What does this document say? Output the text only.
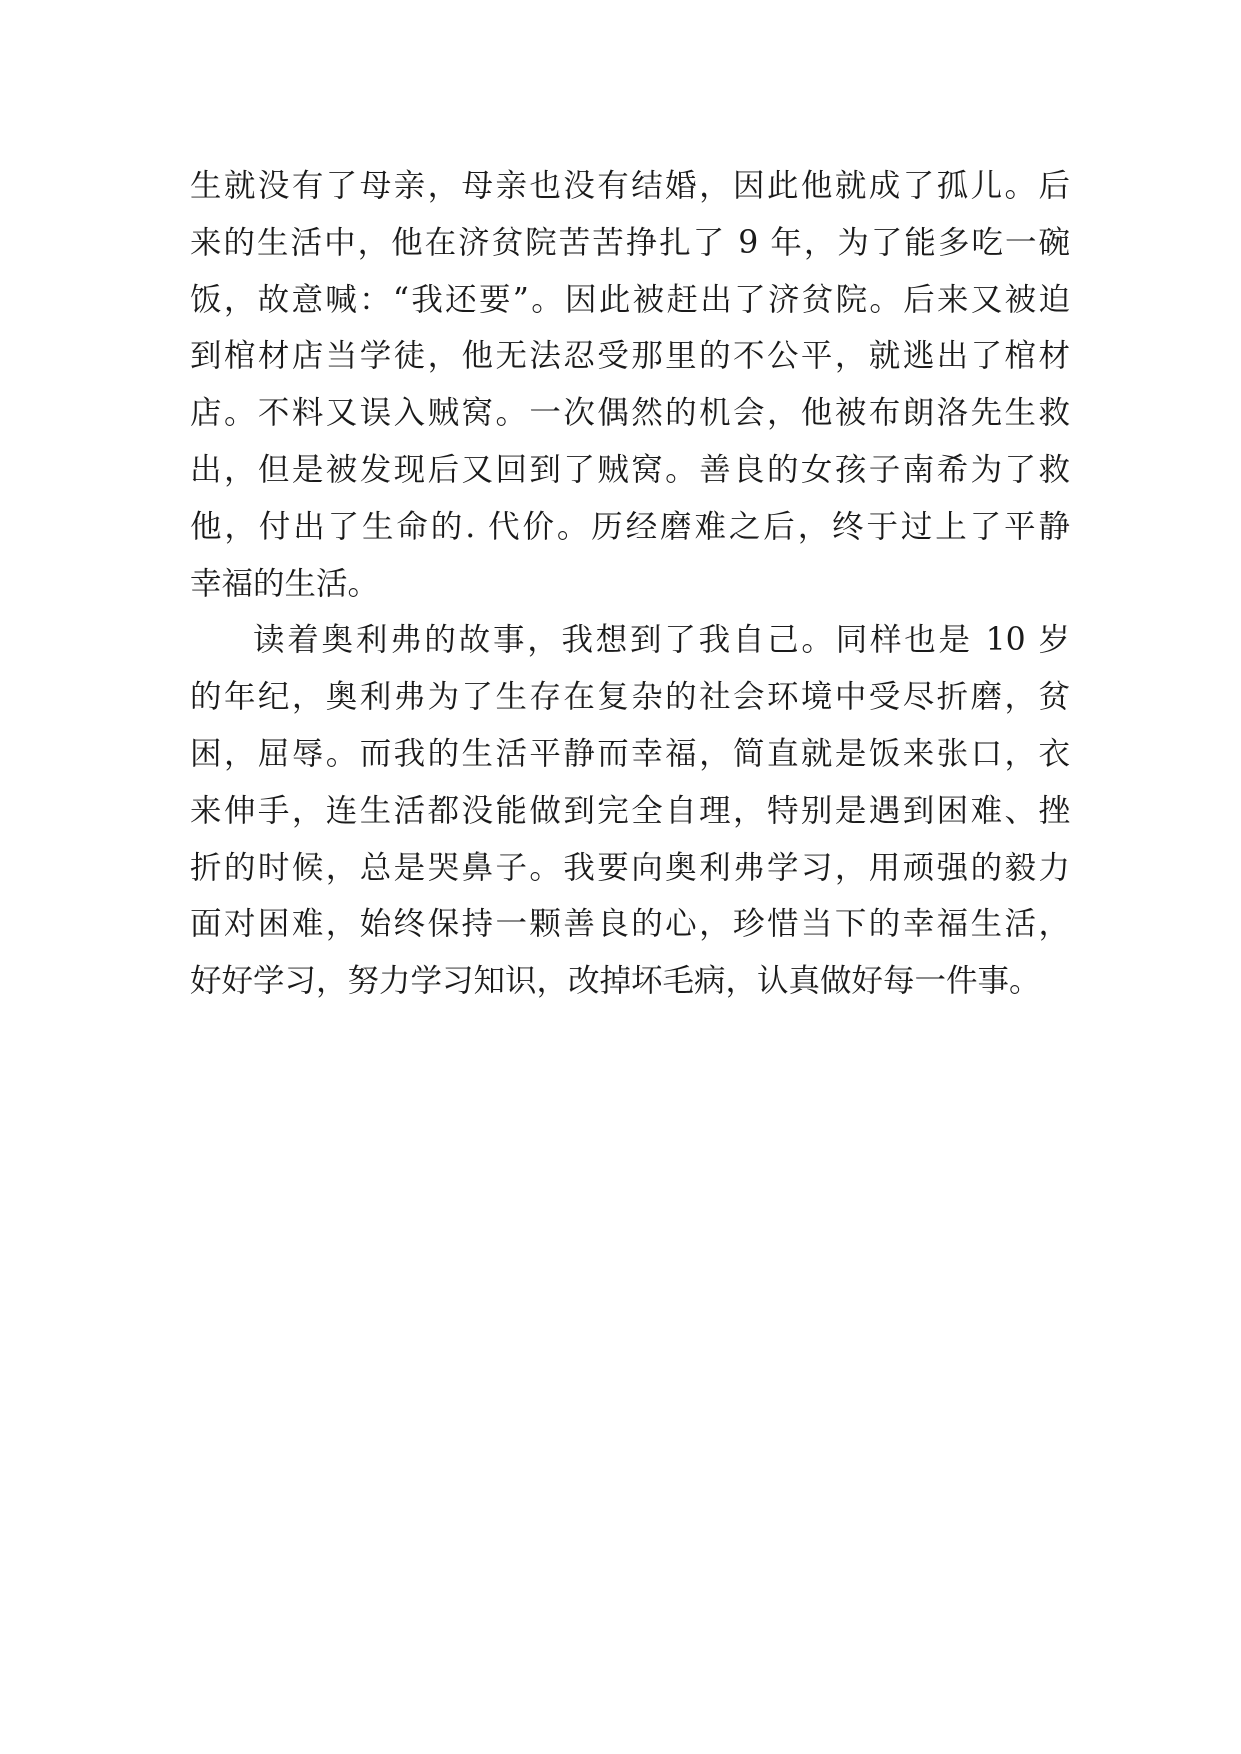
生就没有了母亲，母亲也没有结婚，因此他就成了孤儿。后
来的生活中，他在济贫院苦苦挣扎了 9 年，为了能多吃一碗
饭，故意喊：“我还要”。因此被赶出了济贫院。后来又被迫
到棺材店当学徒，他无法忍受那里的不公平，就逃出了棺材
店。不料又误入贼窝。一次偶然的机会，他被布朗洛先生救
出，但是被发现后又回到了贼窝。善良的女孩子南希为了救
他，付出了生命的. 代价。历经磨难之后，终于过上了平静
幸福的生活。
读着奥利弗的故事，我想到了我自己。同样也是 10 岁
的年纪，奥利弗为了生存在复杂的社会环境中受尽折磨，贫
困，屈辱。而我的生活平静而幸福，简直就是饭来张口，衣
来伸手，连生活都没能做到完全自理，特别是遇到困难、挫
折的时候，总是哭鼻子。我要向奥利弗学习，用顽强的毅力
面对困难，始终保持一颗善良的心，珍惜当下的幸福生活，
好好学习，努力学习知识，改掉坏毛病，认真做好每一件事。
